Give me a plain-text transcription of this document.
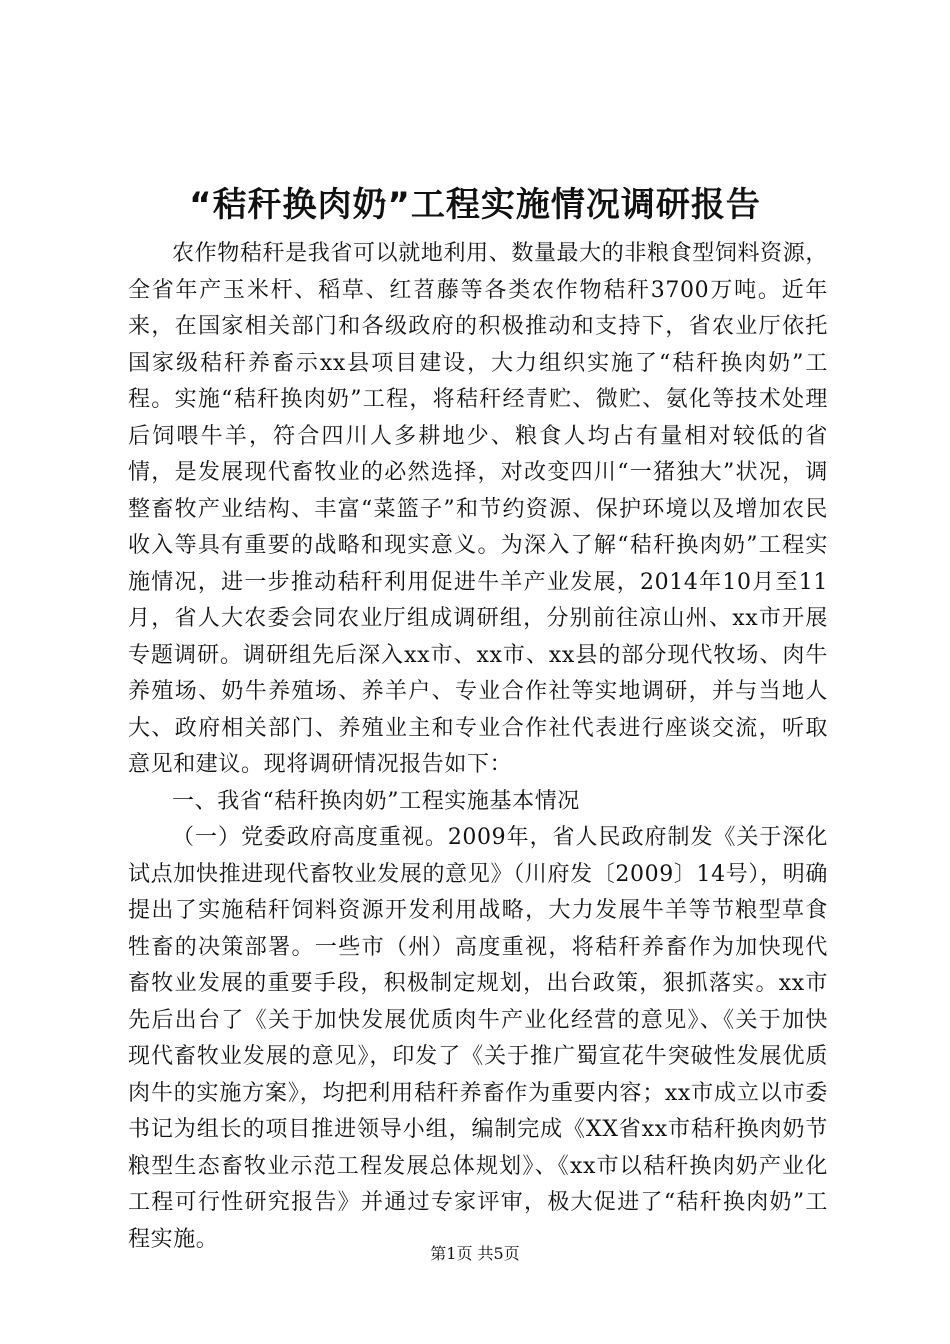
“秸秆换肉奶”工程实施情况调研报告

农作物秸秆是我省可以就地利用、数量最大的非粮食型饲料资源，全省年产玉米杆、稻草、红苕藤等各类农作物秸秆3700万吨。近年来，在国家相关部门和各级政府的积极推动和支持下，省农业厅依托国家级秸秆养畜示xx县项目建设，大力组织实施了“秸秆换肉奶”工程。实施“秸秆换肉奶”工程，将秸秆经青贮、微贮、氨化等技术处理后饲喂牛羊，符合四川人多耕地少、粮食人均占有量相对较低的省情，是发展现代畜牧业的必然选择，对改变四川“一猪独大”状况，调整畜牧产业结构、丰富“菜篮子”和节约资源、保护环境以及增加农民收入等具有重要的战略和现实意义。为深入了解“秸秆换肉奶”工程实施情况，进一步推动秸秆利用促进牛羊产业发展，2014年10月至11月，省人大农委会同农业厅组成调研组，分别前往凉山州、xx市开展专题调研。调研组先后深入xx市、xx市、xx县的部分现代牧场、肉牛养殖场、奶牛养殖场、养羊户、专业合作社等实地调研，并与当地人大、政府相关部门、养殖业主和专业合作社代表进行座谈交流，听取意见和建议。现将调研情况报告如下：

一、我省“秸秆换肉奶”工程实施基本情况

（一）党委政府高度重视。2009年，省人民政府制发《关于深化试点加快推进现代畜牧业发展的意见》（川府发〔2009〕14号），明确提出了实施秸秆饲料资源开发利用战略，大力发展牛羊等节粮型草食牲畜的决策部署。一些市（州）高度重视，将秸秆养畜作为加快现代畜牧业发展的重要手段，积极制定规划，出台政策，狠抓落实。xx市先后出台了《关于加快发展优质肉牛产业化经营的意见》、《关于加快现代畜牧业发展的意见》，印发了《关于推广蜀宣花牛突破性发展优质肉牛的实施方案》，均把利用秸秆养畜作为重要内容；xx市成立以市委书记为组长的项目推进领导小组，编制完成《XX省xx市秸秆换肉奶节粮型生态畜牧业示范工程发展总体规划》、《xx市以秸秆换肉奶产业化工程可行性研究报告》并通过专家评审，极大促进了“秸秆换肉奶”工程实施。

第1页 共5页
